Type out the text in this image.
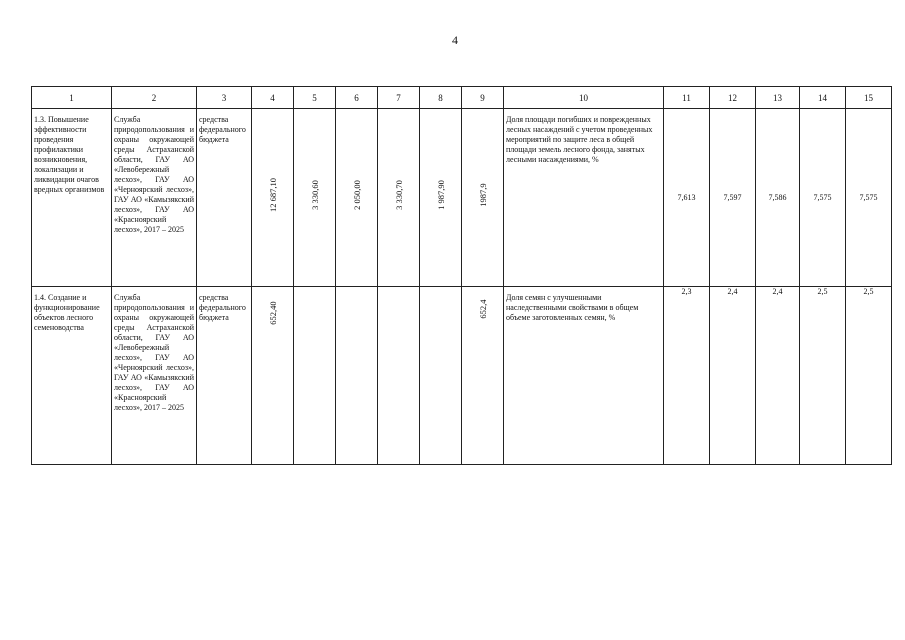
4
1	2	3	4	5	6	7	8	9	10	11	12	13	14	15

1.3. Повышение эффективности проведения профилактики возникновения, локализации и ликвидации очагов вредных организмов	Служба природопользования и охраны окружающей среды Астраханской области, ГАУ АО «Левобережный лесхоз», ГАУ АО «Черноярский лесхоз», ГАУ АО «Камызякский лесхоз», ГАУ АО «Красноярский лесхоз», 2017 – 2025	средства федерального бюджета	12 687,10	3 330,60	2 050,00	3 330,70	1 987,90	1987,9	Доля площади погибших и поврежденных лесных насаждений с учетом проведенных мероприятий по защите леса в общей площади земель лесного фонда, занятых лесными насаждениями, %	7,613	7,597	7,586	7,575	7,575

1.4. Создание и функционирование объектов лесного семеноводства	Служба природопользования и охраны окружающей среды Астраханской области, ГАУ АО «Левобережный лесхоз», ГАУ АО «Черноярский лесхоз», ГАУ АО «Камызякский лесхоз», ГАУ АО «Красноярский лесхоз», 2017 – 2025	средства федерального бюджета	652,40					652,4	Доля семян с улучшенными наследственными свойствами в общем объеме заготовленных семян, %	2,3	2,4	2,4	2,5	2,5
